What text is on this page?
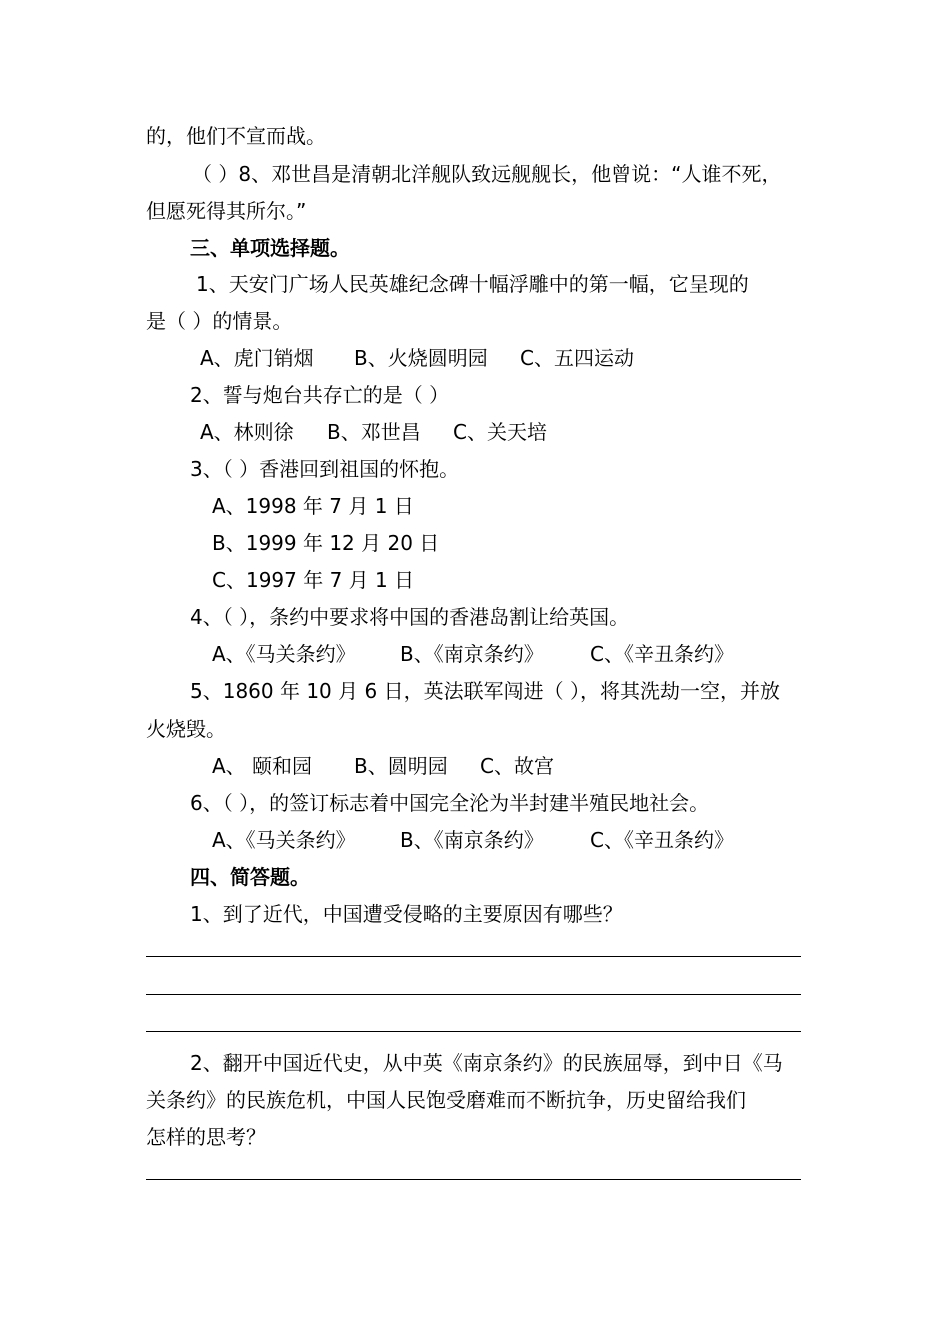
的，他们不宣而战。
（ ）8、邓世昌是清朝北洋舰队致远舰舰长，他曾说：“人谁不死，
但愿死得其所尔。”
三、单项选择题。
1、天安门广场人民英雄纪念碑十幅浮雕中的第一幅，它呈现的
是（ ）的情景。
A、虎门销烟 B、火烧圆明园 C、五四运动
2、誓与炮台共存亡的是（ ）
A、林则徐 B、邓世昌 C、关天培
3、（ ）香港回到祖国的怀抱。
A、1998 年 7 月 1 日
B、1999 年 12 月 20 日
C、1997 年 7 月 1 日
4、（ ），条约中要求将中国的香港岛割让给英国。
A、《马关条约》 B、《南京条约》 C、《辛丑条约》
5、1860 年 10 月 6 日，英法联军闯进（ ），将其洗劫一空，并放
火烧毁。
A、 颐和园 B、圆明园 C、故宫
6、（ ），的签订标志着中国完全沦为半封建半殖民地社会。
A、《马关条约》 B、《南京条约》 C、《辛丑条约》
四、简答题。
1、到了近代，中国遭受侵略的主要原因有哪些？
2、翻开中国近代史，从中英《南京条约》的民族屈辱，到中日《马
关条约》的民族危机，中国人民饱受磨难而不断抗争，历史留给我们
怎样的思考？
